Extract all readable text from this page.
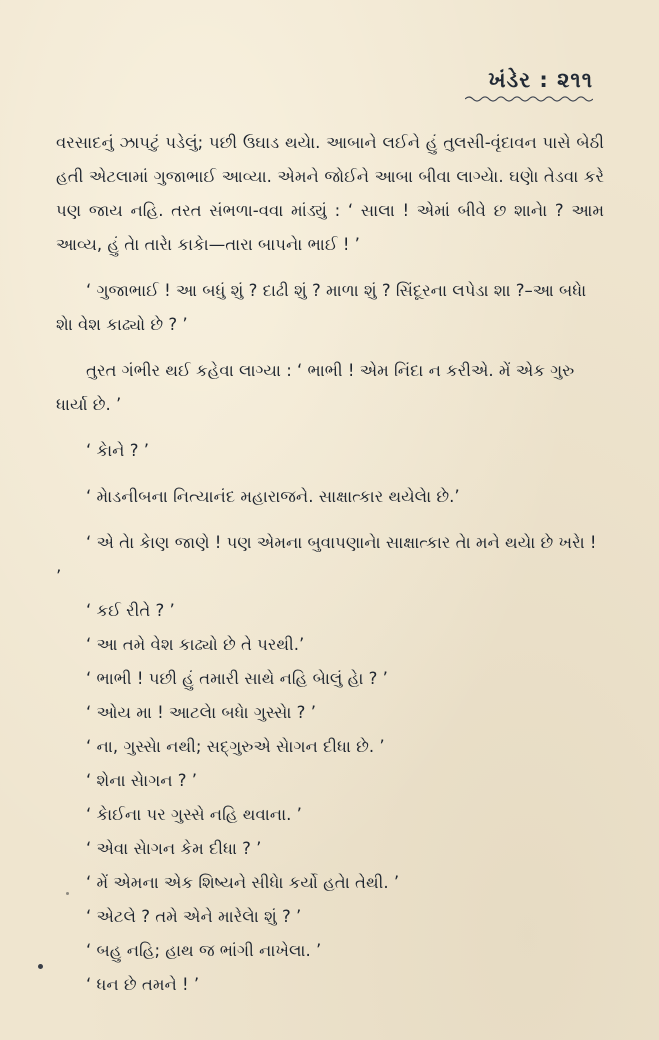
ખંડેર : ૨૧૧

વરસાદનું ઝાપટું પડેલું; પછી ઉઘાડ થયેા. આબાને લઈને હું તુલસી-વૃંદાવન પાસે બેઠી હતી એટલામાં ગુજાભાઈ આવ્યા. એમને જોઈને આબા બીવા લાગ્યેા. ઘણેા તેડવા કરે પણ જાય નહિ. તરત સંભળા-વવા માંડ્યું : ‘ સાલા ! એમાં બીવે છ શાનેા ? આમ આવ્ય, હું તેા તારેા કાકેા—તારા બાપનેા ભાઈ ! ’

‘ ગુજાભાઈ ! આ બધું શું ? દાઢી શું ? માળા શું ? સિંદૂરના લપેડા શા ?–આ બધેા શેા વેશ કાઢ્યો છે ? ’

તુરત ગંભીર થઈ કહેવા લાગ્યા : ‘ ભાભી ! એમ નિંદા ન કરીએ. મેં એક ગુરુ ધાર્યા છે. ’

‘ કેાને ? ’

‘ મેાડનીબના નિત્યાનંદ મહારાજને. સાક્ષાત્કાર થયેલેા છે.’

‘ એ તેા કેાણ જાણે ! પણ એમના બુવાપણાનેા સાક્ષાત્કાર તેા મને થયેા છે ખરેા ! ’

‘ કઈ રીતે ? ’

‘ આ તમે વેશ કાઢ્યો છે તે પરથી.’

‘ ભાભી ! પછી હું તમારી સાથે નહિ બેાલું હેા ? ’

‘ ઓય મા ! આટલેા બધેા ગુસ્સેા ? ’

‘ ના, ગુસ્સેા નથી; સદ્ગુરુએ સેાગન દીધા છે. ’

‘ શેના સેાગન ? ’

‘ કેાઈના પર ગુસ્સે નહિ થવાના. ’

‘ એવા સેાગન કેમ દીધા ? ’

‘ મેં એમના એક શિષ્યને સીધેા કર્યો હતેા તેથી. ’

‘ એટલે ? તમે એને મારેલેા શું ? ’

‘ બહુ નહિ; હાથ જ ભાંગી નાખેલા. ’

‘ ધન છે તમને ! ’
